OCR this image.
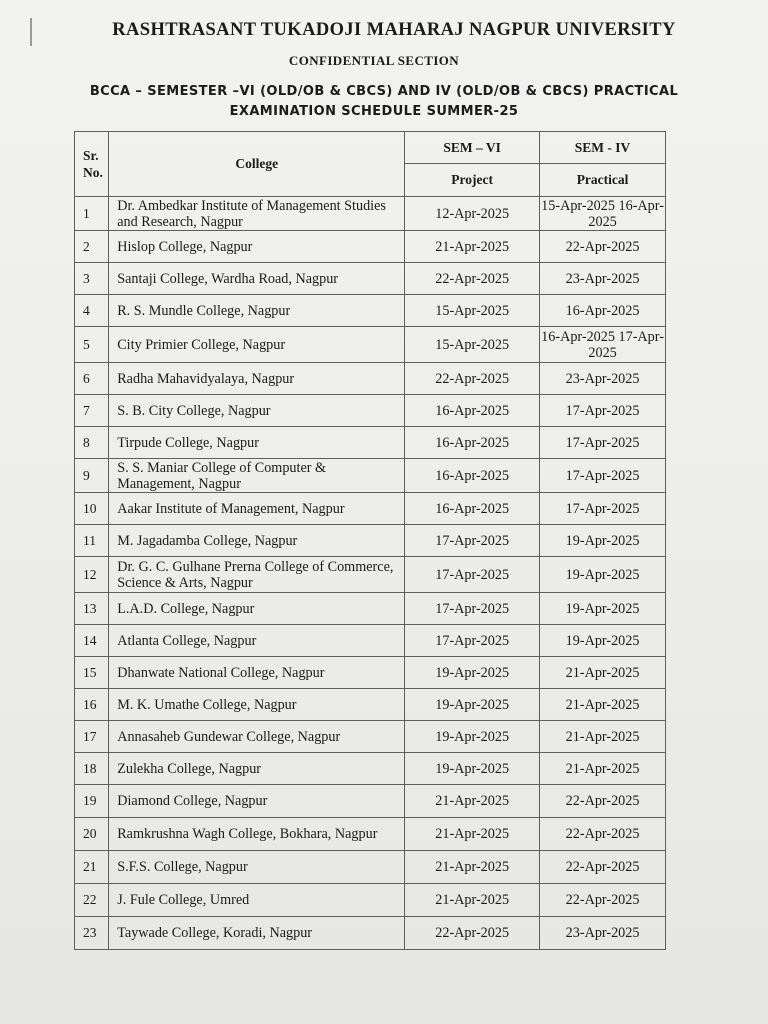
RASHTRASANT TUKADOJI MAHARAJ NAGPUR UNIVERSITY
CONFIDENTIAL SECTION
BCCA – SEMESTER –VI (OLD/OB & CBCS) AND IV (OLD/OB & CBCS) PRACTICAL
EXAMINATION SCHEDULE SUMMER-25
Sr. No.	College	SEM – VI	SEM - IV
		Project	Practical
1	Dr. Ambedkar Institute of Management Studies and Research, Nagpur	12-Apr-2025	15-Apr-2025 16-Apr-2025
2	Hislop College, Nagpur	21-Apr-2025	22-Apr-2025
3	Santaji College, Wardha Road, Nagpur	22-Apr-2025	23-Apr-2025
4	R. S. Mundle College, Nagpur	15-Apr-2025	16-Apr-2025
5	City Primier College, Nagpur	15-Apr-2025	16-Apr-2025 17-Apr-2025
6	Radha Mahavidyalaya, Nagpur	22-Apr-2025	23-Apr-2025
7	S. B. City College, Nagpur	16-Apr-2025	17-Apr-2025
8	Tirpude College, Nagpur	16-Apr-2025	17-Apr-2025
9	S. S. Maniar College of Computer & Management, Nagpur	16-Apr-2025	17-Apr-2025
10	Aakar Institute of Management, Nagpur	16-Apr-2025	17-Apr-2025
11	M. Jagadamba College, Nagpur	17-Apr-2025	19-Apr-2025
12	Dr. G. C. Gulhane Prerna College of Commerce, Science & Arts, Nagpur	17-Apr-2025	19-Apr-2025
13	L.A.D. College, Nagpur	17-Apr-2025	19-Apr-2025
14	Atlanta College, Nagpur	17-Apr-2025	19-Apr-2025
15	Dhanwate National College, Nagpur	19-Apr-2025	21-Apr-2025
16	M. K. Umathe College, Nagpur	19-Apr-2025	21-Apr-2025
17	Annasaheb Gundewar College, Nagpur	19-Apr-2025	21-Apr-2025
18	Zulekha College, Nagpur	19-Apr-2025	21-Apr-2025
19	Diamond College, Nagpur	21-Apr-2025	22-Apr-2025
20	Ramkrushna Wagh College, Bokhara, Nagpur	21-Apr-2025	22-Apr-2025
21	S.F.S. College, Nagpur	21-Apr-2025	22-Apr-2025
22	J. Fule College, Umred	21-Apr-2025	22-Apr-2025
23	Taywade College, Koradi, Nagpur	22-Apr-2025	23-Apr-2025
